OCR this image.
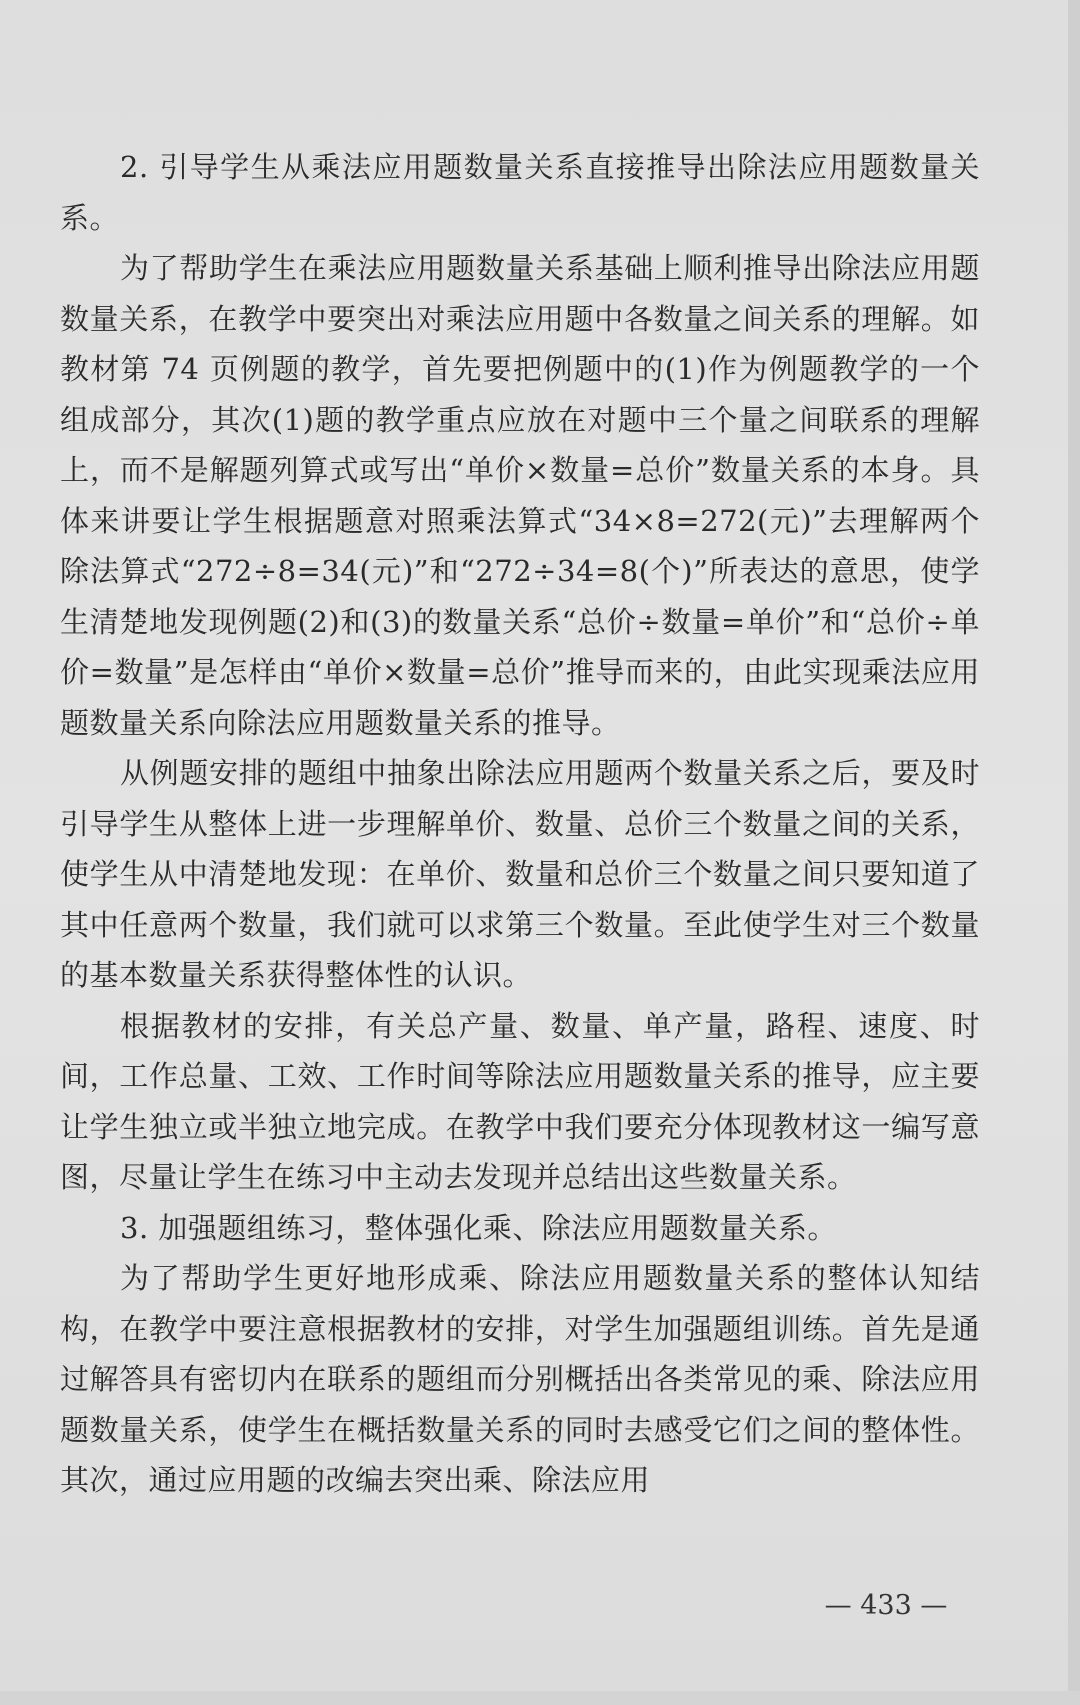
2. 引导学生从乘法应用题数量关系直接推导出除法应用题数量关系。

为了帮助学生在乘法应用题数量关系基础上顺利推导出除法应用题数量关系，在教学中要突出对乘法应用题中各数量之间关系的理解。如教材第 74 页例题的教学，首先要把例题中的(1)作为例题教学的一个组成部分，其次(1)题的教学重点应放在对题中三个量之间联系的理解上，而不是解题列算式或写出“单价×数量=总价”数量关系的本身。具体来讲要让学生根据题意对照乘法算式“34×8=272(元)”去理解两个除法算式“272÷8=34(元)”和“272÷34=8(个)”所表达的意思，使学生清楚地发现例题(2)和(3)的数量关系“总价÷数量=单价”和“总价÷单价=数量”是怎样由“单价×数量=总价”推导而来的，由此实现乘法应用题数量关系向除法应用题数量关系的推导。

从例题安排的题组中抽象出除法应用题两个数量关系之后，要及时引导学生从整体上进一步理解单价、数量、总价三个数量之间的关系，使学生从中清楚地发现：在单价、数量和总价三个数量之间只要知道了其中任意两个数量，我们就可以求第三个数量。至此使学生对三个数量的基本数量关系获得整体性的认识。

根据教材的安排，有关总产量、数量、单产量，路程、速度、时间，工作总量、工效、工作时间等除法应用题数量关系的推导，应主要让学生独立或半独立地完成。在教学中我们要充分体现教材这一编写意图，尽量让学生在练习中主动去发现并总结出这些数量关系。

3. 加强题组练习，整体强化乘、除法应用题数量关系。

为了帮助学生更好地形成乘、除法应用题数量关系的整体认知结构，在教学中要注意根据教材的安排，对学生加强题组训练。首先是通过解答具有密切内在联系的题组而分别概括出各类常见的乘、除法应用题数量关系，使学生在概括数量关系的同时去感受它们之间的整体性。其次，通过应用题的改编去突出乘、除法应用

— 433 —
